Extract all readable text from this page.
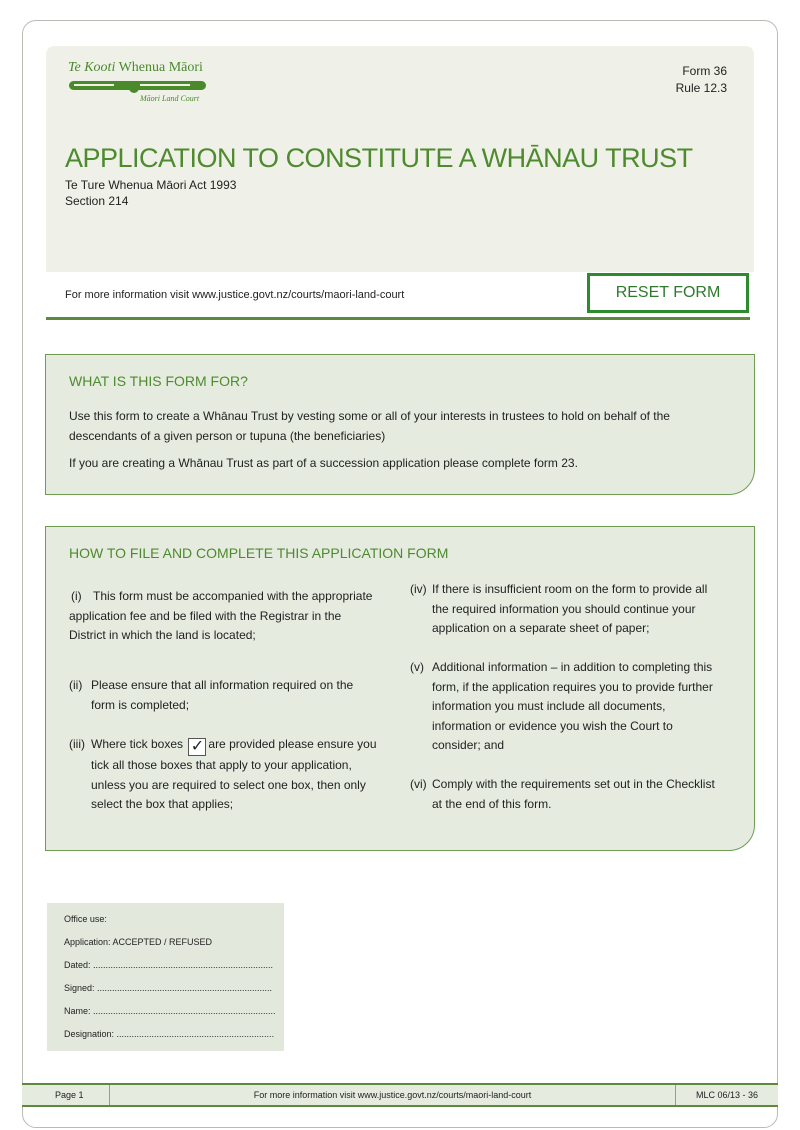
Te Kooti Whenua Māori
Māori Land Court
Form 36
Rule 12.3
APPLICATION TO CONSTITUTE A WHĀNAU TRUST
Te Ture Whenua Māori Act 1993
Section 214
For more information visit www.justice.govt.nz/courts/maori-land-court	RESET FORM
WHAT IS THIS FORM FOR?

Use this form to create a Whānau Trust by vesting some or all of your interests in trustees to hold on behalf of the descendants of a given person or tupuna (the beneficiaries)

If you are creating a Whānau Trust as part of a succession application please complete form 23.

HOW TO FILE AND COMPLETE THIS APPLICATION FORM
(i) This form must be accompanied with the appropriate application fee and be filed with the Registrar in the District in which the land is located;
(ii) Please ensure that all information required on the form is completed;
(iii) Where tick boxes ✓ are provided please ensure you tick all those boxes that apply to your application, unless you are required to select one box, then only select the box that applies;
(iv) If there is insufficient room on the form to provide all the required information you should continue your application on a separate sheet of paper;
(v) Additional information – in addition to completing this form, if the application requires you to provide further information you must include all documents, information or evidence you wish the Court to consider; and
(vi) Comply with the requirements set out in the Checklist at the end of this form.
Office use:
Application: ACCEPTED / REFUSED
Dated: ........................................................................
Signed: ......................................................................
Name: .........................................................................
Designation: ...............................................................
Page 1	For more information visit www.justice.govt.nz/courts/maori-land-court	MLC 06/13 - 36
